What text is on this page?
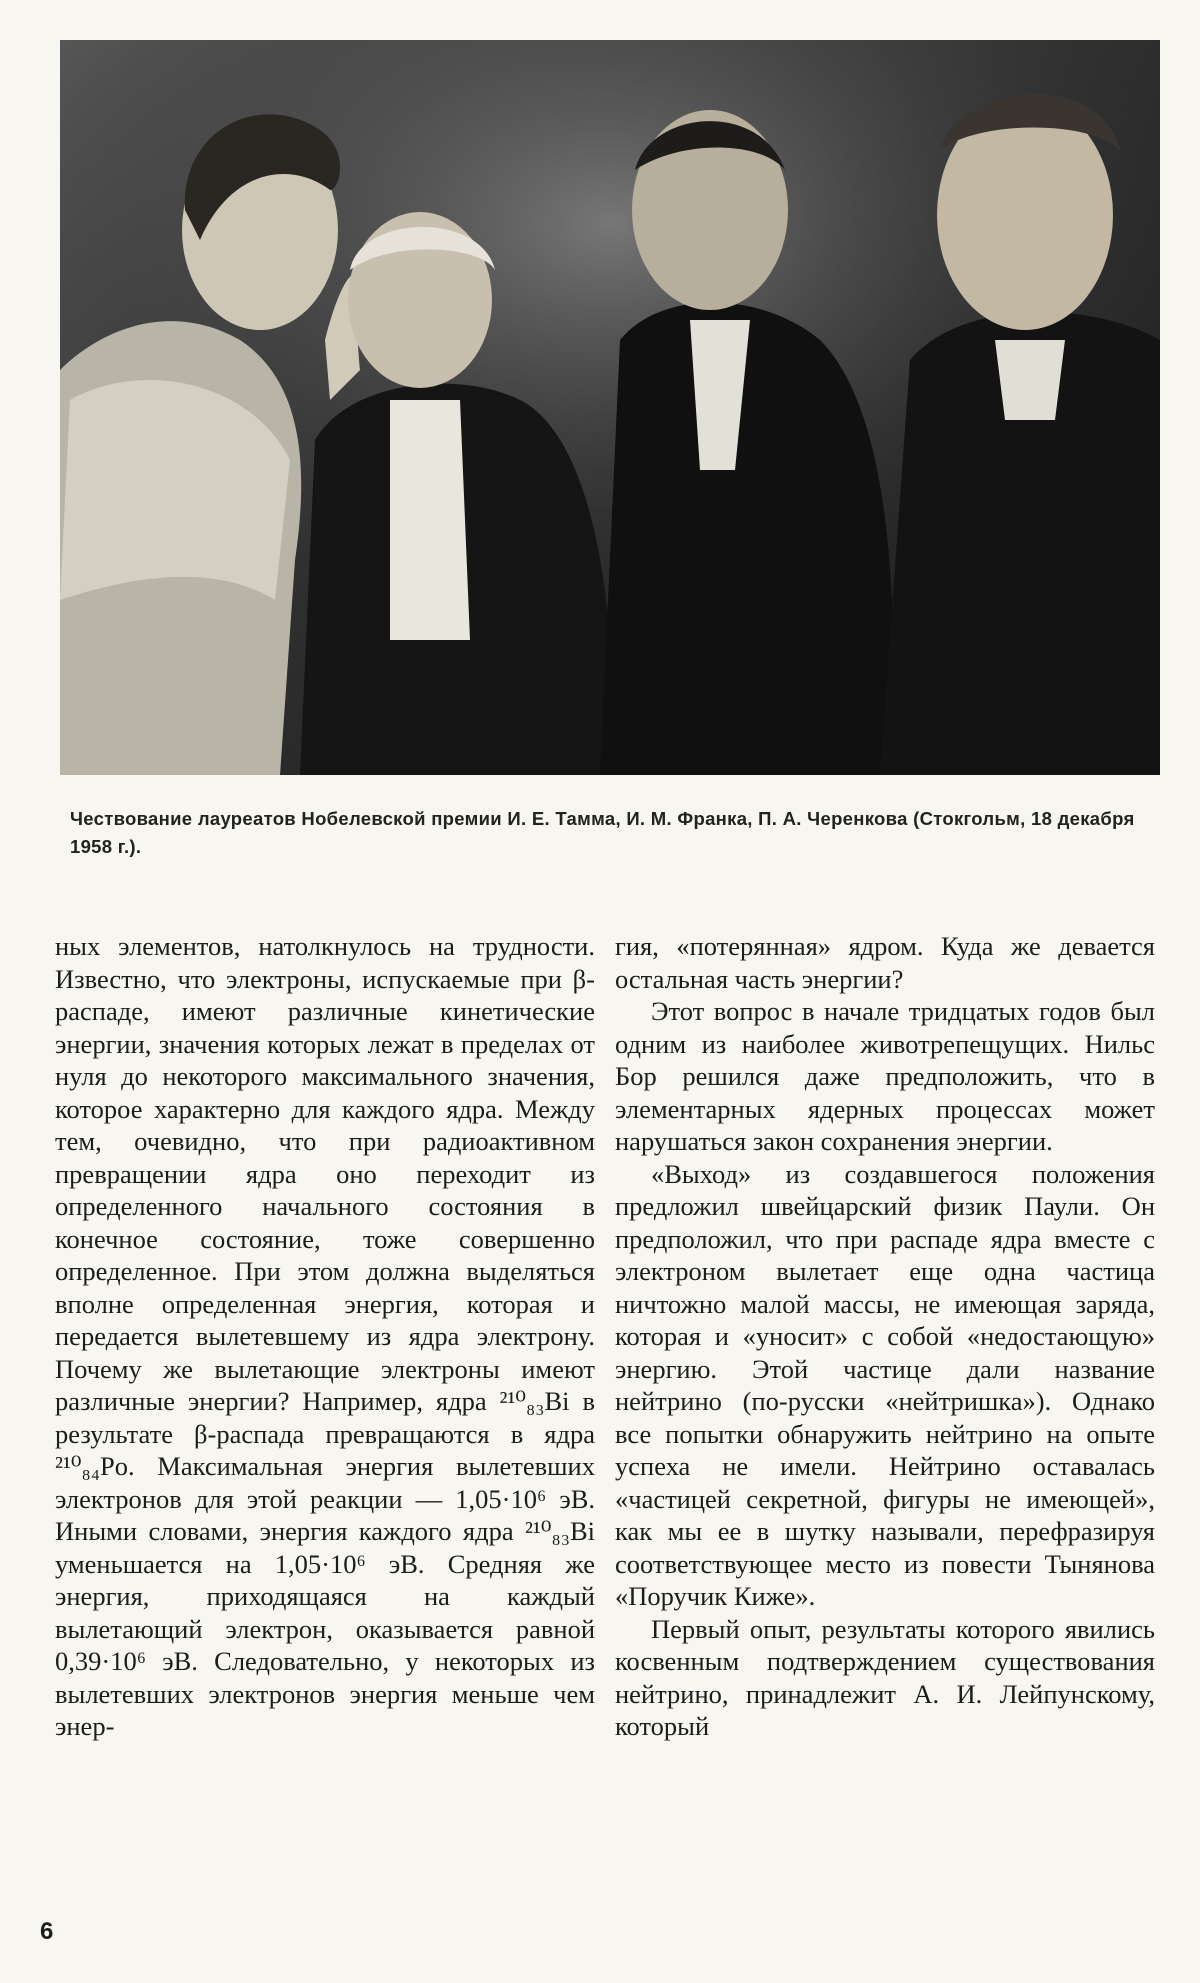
Чествование лауреатов Нобелевской премии И. Е. Тамма, И. М. Франка, П. А. Черенкова (Стокгольм, 18 декабря 1958 г.).

ных элементов, натолкнулось на трудности. Известно, что электроны, испускаемые при β-распаде, имеют различные кинетические энергии, значения которых лежат в пределах от нуля до некоторого максимального значения, которое характерно для каждого ядра. Между тем, очевидно, что при радиоактивном превращении ядра оно переходит из определенного начального состояния в конечное состояние, тоже совершенно определенное. При этом должна выделяться вполне определенная энергия, которая и передается вылетевшему из ядра электрону. Почему же вылетающие электроны имеют различные энергии? Например, ядра ²¹⁰₈₃Bi в результате β-распада превращаются в ядра ²¹⁰₈₄Po. Максимальная энергия вылетевших электронов для этой реакции — 1,05·10⁶ эВ. Иными словами, энергия каждого ядра ²¹⁰₈₃Bi уменьшается на 1,05·10⁶ эВ. Средняя же энергия, приходящаяся на каждый вылетающий электрон, оказывается равной 0,39·10⁶ эВ. Следовательно, у некоторых из вылетевших электронов энергия меньше чем энер-

гия, «потерянная» ядром. Куда же девается остальная часть энергии?

Этот вопрос в начале тридцатых годов был одним из наиболее животрепещущих. Нильс Бор решился даже предположить, что в элементарных ядерных процессах может нарушаться закон сохранения энергии.

«Выход» из создавшегося положения предложил швейцарский физик Паули. Он предположил, что при распаде ядра вместе с электроном вылетает еще одна частица ничтожно малой массы, не имеющая заряда, которая и «уносит» с собой «недостающую» энергию. Этой частице дали название нейтрино (по-русски «нейтришка»). Однако все попытки обнаружить нейтрино на опыте успеха не имели. Нейтрино оставалась «частицей секретной, фигуры не имеющей», как мы ее в шутку называли, перефразируя соответствующее место из повести Тынянова «Поручик Киже».

Первый опыт, результаты которого явились косвенным подтверждением существования нейтрино, принадлежит А. И. Лейпунскому, который

6
